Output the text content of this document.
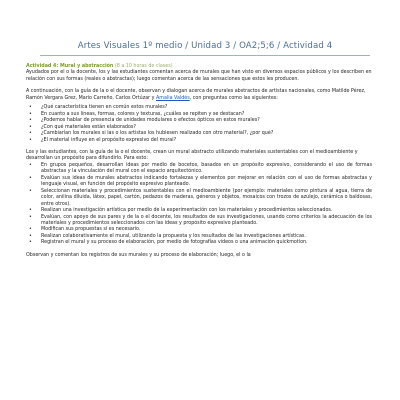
Artes Visuales 1º medio / Unidad 3 / OA2;5;6 / Actividad 4

Actividad 4: Mural y abstracción (8 a 10 horas de clases)

Ayudados por el o la docente, los y las estudiantes comentan acerca de murales que han visto en diversos espacios públicos y los describen en relación con sus formas (reales o abstractas); luego comentan acerca de las sensaciones que estos les producen.

A continuación, con la guía de la o el docente, observan y dialogan acerca de murales abstractos de artistas nacionales, como Matilde Pérez, Ramón Vergara Grez, Mario Carreño, Carlos Ortúzar y Amalia Valdés, con preguntas como las siguientes:

• ¿Qué característica tienen en común estos murales?
• En cuanto a sus líneas, formas, colores y texturas, ¿cuáles se repiten y se destacan?
• ¿Podemos hablar de presencia de unidades modulares o efectos ópticos en estos murales?
• ¿Con qué materiales están elaborados?
• ¿Cambiarían los murales si las o los artistas los hubiesen realizado con otro material?, ¿por qué?
• ¿El material influye en el propósito expresivo del mural?

Los y las estudiantes, con la guía de la o el docente, crean un mural abstracto utilizando materiales sustentables con el medioambiente y desarrollan un propósito para difundirlo. Para esto:

• En grupos pequeños, desarrollan ideas por medio de bocetos, basados en un propósito expresivo, considerando el uso de formas abstractas y la vinculación del mural con el espacio arquitectónico.
• Evalúan sus ideas de murales abstractos indicando fortalezas y elementos por mejorar en relación con el uso de formas abstractas y lenguaje visual, en función del propósito expresivo planteado.
• Seleccionan materiales y procedimientos sustentables con el medioambiente (por ejemplo: materiales como pintura al agua, tierra de color, anilina diluida, látex, papel, cartón, pedazos de maderas, géneros y objetos, mosaicos con trozos de azulejo, cerámica o baldosas, entre otros).
• Realizan una investigación artística por medio de la experimentación con los materiales y procedimientos seleccionados.
• Evalúan, con apoyo de sus pares y de la o el docente, los resultados de sus investigaciones, usando como criterios la adecuación de los materiales y procedimientos seleccionados con las ideas y propósito expresivo planteado.
• Modifican sus propuestas si es necesario.
• Realizan colaborativamente el mural, utilizando la propuesta y los resultados de las investigaciones artísticas.
• Registran el mural y su proceso de elaboración, por medio de fotografías videos o una animación quickmotion.

Observan y comentan los registros de sus murales y su proceso de elaboración; luego, el o la
